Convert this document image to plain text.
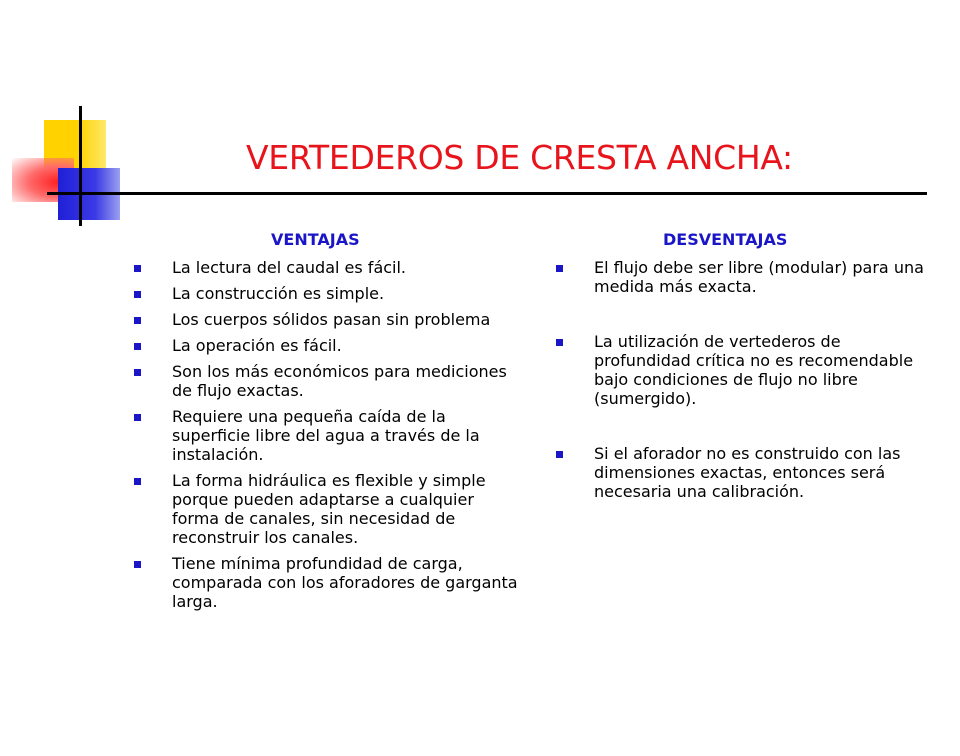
VERTEDEROS DE CRESTA ANCHA:
VENTAJAS	DESVENTAJAS
La lectura del caudal es fácil.
La construcción es simple.
Los cuerpos sólidos pasan sin problema
La operación es fácil.
Son los más económicos para mediciones de flujo exactas.
Requiere una pequeña caída de la superficie libre del agua a través de la instalación.
La forma hidráulica es flexible y simple porque pueden adaptarse a cualquier forma de canales, sin necesidad de reconstruir los canales.
Tiene mínima profundidad de carga, comparada con los aforadores de garganta larga.
El flujo debe ser libre (modular) para una medida más exacta.
La utilización de vertederos de profundidad crítica no es recomendable bajo condiciones de flujo no libre (sumergido).
Si el aforador no es construido con las dimensiones exactas, entonces será necesaria una calibración.
